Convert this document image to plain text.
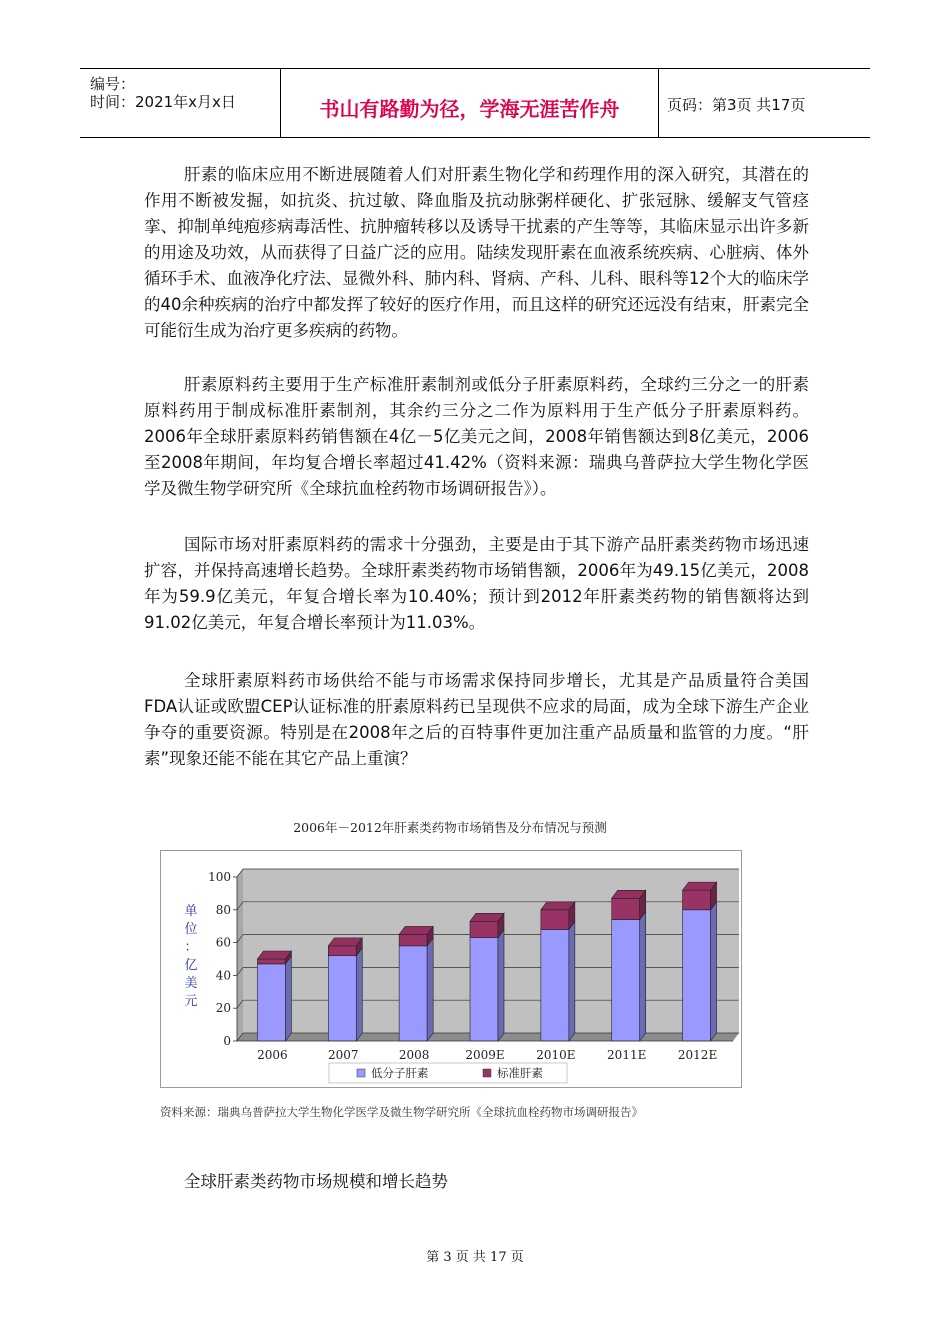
编号：
时间：2021年x月x日	书山有路勤为径，学海无涯苦作舟	页码：第3页 共17页
肝素的临床应用不断进展随着人们对肝素生物化学和药理作用的深入研究，其潜在的作用不断被发掘，如抗炎、抗过敏、降血脂及抗动脉粥样硬化、扩张冠脉、缓解支气管痉挛、抑制单纯疱疹病毒活性、抗肿瘤转移以及诱导干扰素的产生等等，其临床显示出许多新的用途及功效，从而获得了日益广泛的应用。陆续发现肝素在血液系统疾病、心脏病、体外循环手术、血液净化疗法、显微外科、肺内科、肾病、产科、儿科、眼科等12个大的临床学的40余种疾病的治疗中都发挥了较好的医疗作用，而且这样的研究还远没有结束，肝素完全可能衍生成为治疗更多疾病的药物。
肝素原料药主要用于生产标准肝素制剂或低分子肝素原料药，全球约三分之一的肝素原料药用于制成标准肝素制剂，其余约三分之二作为原料用于生产低分子肝素原料药。2006年全球肝素原料药销售额在4亿－5亿美元之间，2008年销售额达到8亿美元，2006至2008年期间，年均复合增长率超过41.42%（资料来源：瑞典乌普萨拉大学生物化学医学及微生物学研究所《全球抗血栓药物市场调研报告》）。
国际市场对肝素原料药的需求十分强劲，主要是由于其下游产品肝素类药物市场迅速扩容，并保持高速增长趋势。全球肝素类药物市场销售额，2006年为49.15亿美元，2008年为59.9亿美元，年复合增长率为10.40%；预计到2012年肝素类药物的销售额将达到91.02亿美元，年复合增长率预计为11.03%。
全球肝素原料药市场供给不能与市场需求保持同步增长，尤其是产品质量符合美国FDA认证或欧盟CEP认证标准的肝素原料药已呈现供不应求的局面，成为全球下游生产企业争夺的重要资源。特别是在2008年之后的百特事件更加注重产品质量和监管的力度。“肝素”现象还能不能在其它产品上重演？
2006年－2012年肝素类药物市场销售及分布情况与预测
0
20
40
60
80
100
2006	2007	2008	2009E	2010E	2011E	2012E
单
位
：
亿
美
元
低分子肝素	标准肝素
资料来源：瑞典乌普萨拉大学生物化学医学及微生物学研究所《全球抗血栓药物市场调研报告》
全球肝素类药物市场规模和增长趋势
第 3 页 共 17 页
